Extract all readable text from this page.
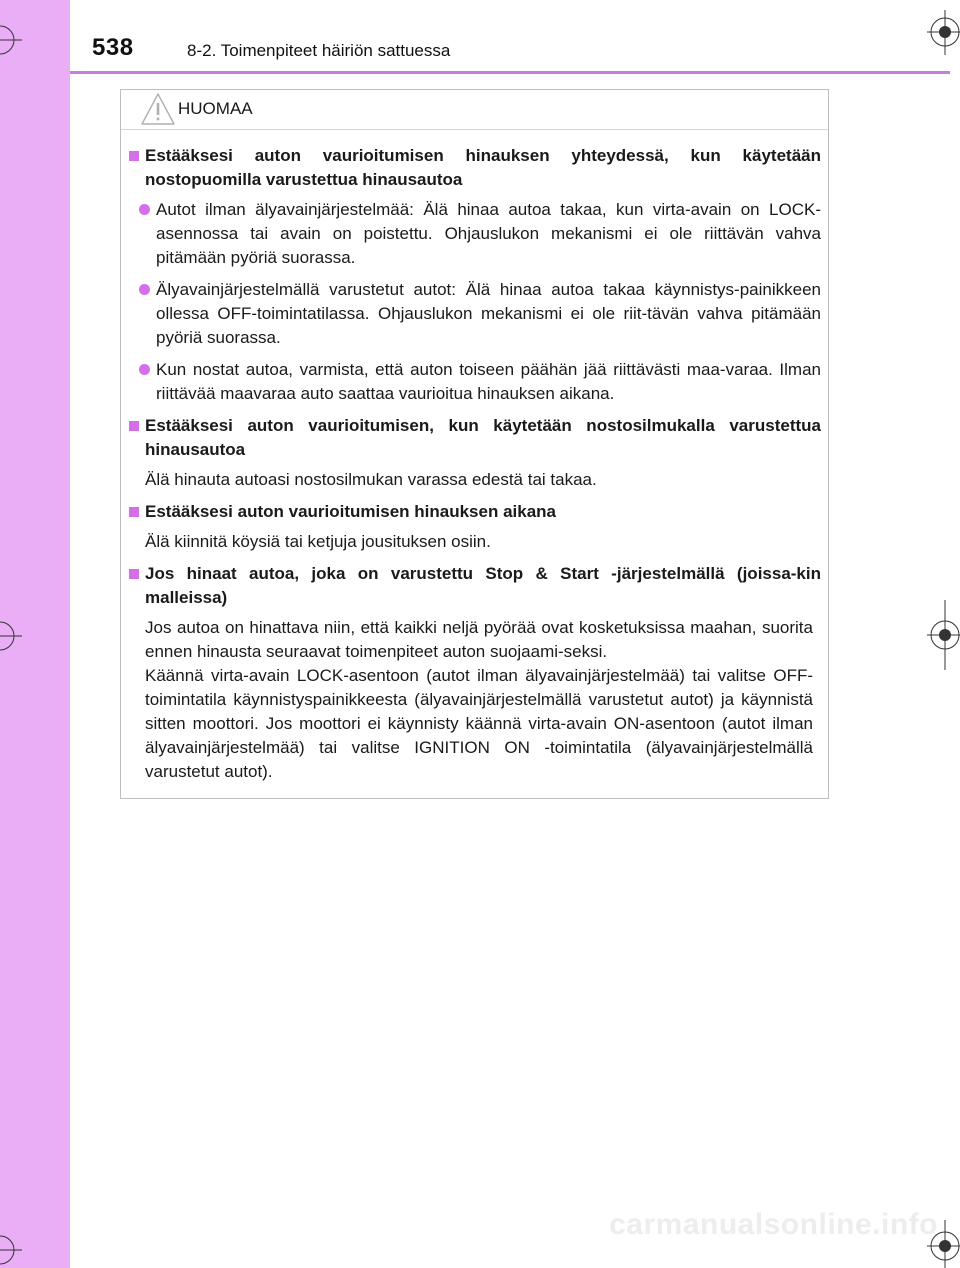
538	8-2. Toimenpiteet häiriön sattuessa
HUOMAA
Estääksesi auton vaurioitumisen hinauksen yhteydessä, kun käytetään nostopuomilla varustettua hinausautoa
Autot ilman älyavainjärjestelmää: Älä hinaa autoa takaa, kun virta-avain on LOCK-asennossa tai avain on poistettu. Ohjauslukon mekanismi ei ole riittävän vahva pitämään pyöriä suorassa.
Älyavainjärjestelmällä varustetut autot: Älä hinaa autoa takaa käynnistys-painikkeen ollessa OFF-toimintatilassa. Ohjauslukon mekanismi ei ole riit-tävän vahva pitämään pyöriä suorassa.
Kun nostat autoa, varmista, että auton toiseen päähän jää riittävästi maa-varaa. Ilman riittävää maavaraa auto saattaa vaurioitua hinauksen aikana.
Estääksesi auton vaurioitumisen, kun käytetään nostosilmukalla varustettua hinausautoa
Älä hinauta autoasi nostosilmukan varassa edestä tai takaa.
Estääksesi auton vaurioitumisen hinauksen aikana
Älä kiinnitä köysiä tai ketjuja jousituksen osiin.
Jos hinaat autoa, joka on varustettu Stop & Start -järjestelmällä (joissa-kin malleissa)
Jos autoa on hinattava niin, että kaikki neljä pyörää ovat kosketuksissa maahan, suorita ennen hinausta seuraavat toimenpiteet auton suojaami-seksi.
Käännä virta-avain LOCK-asentoon (autot ilman älyavainjärjestelmää) tai valitse OFF-toimintatila käynnistyspainikkeesta (älyavainjärjestelmällä varustetut autot) ja käynnistä sitten moottori. Jos moottori ei käynnisty käännä virta-avain ON-asentoon (autot ilman älyavainjärjestelmää) tai valitse IGNITION ON -toimintatila (älyavainjärjestelmällä varustetut autot).
carmanualsonline.info
